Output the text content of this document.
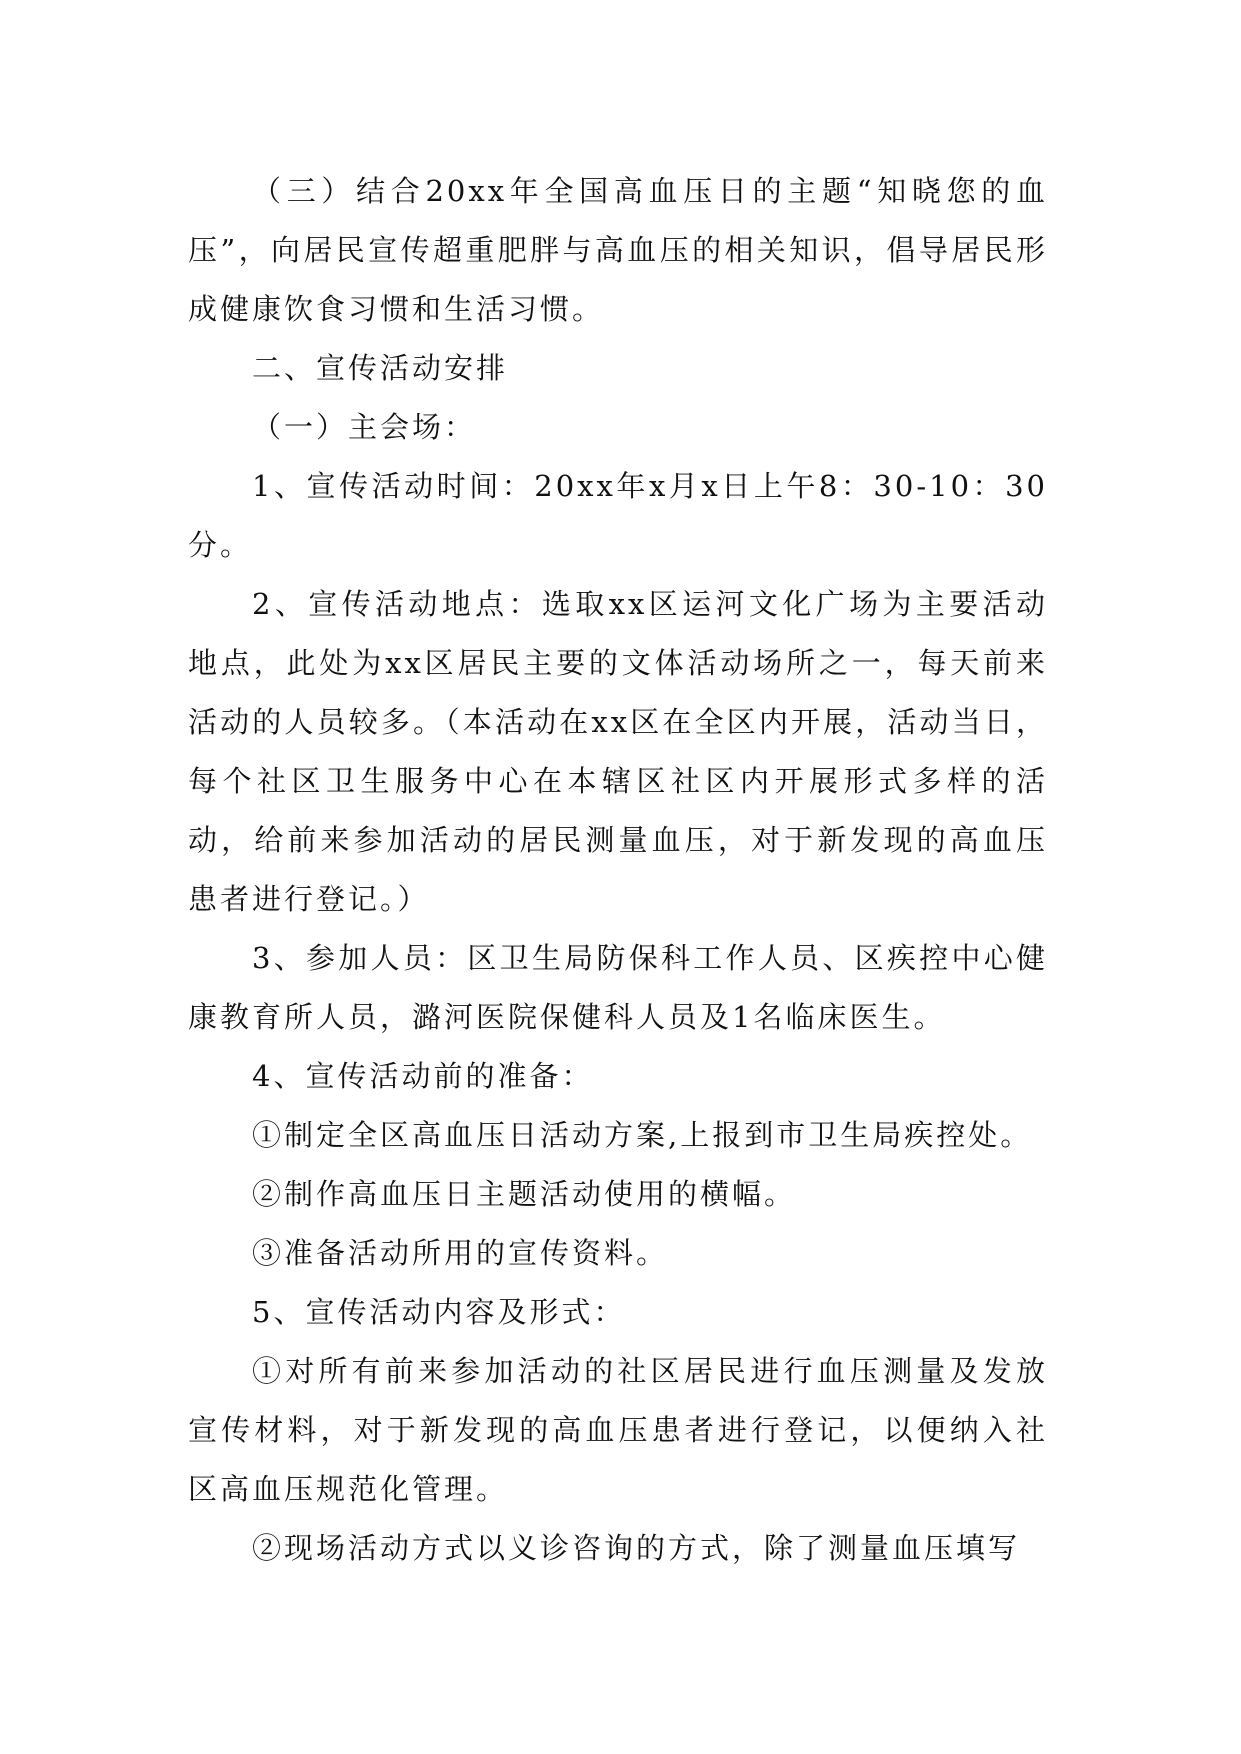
（三）结合20xx年全国高血压日的主题“知晓您的血压”，向居民宣传超重肥胖与高血压的相关知识，倡导居民形成健康饮食习惯和生活习惯。

二、宣传活动安排

（一）主会场：

1、宣传活动时间：20xx年x月x日上午8：30-10：30分。

2、宣传活动地点：选取xx区运河文化广场为主要活动地点，此处为xx区居民主要的文体活动场所之一，每天前来活动的人员较多。（本活动在xx区在全区内开展，活动当日，每个社区卫生服务中心在本辖区社区内开展形式多样的活动，给前来参加活动的居民测量血压，对于新发现的高血压患者进行登记。）

3、参加人员：区卫生局防保科工作人员、区疾控中心健康教育所人员，潞河医院保健科人员及1名临床医生。

4、宣传活动前的准备：

①制定全区高血压日活动方案,上报到市卫生局疾控处。

②制作高血压日主题活动使用的横幅。

③准备活动所用的宣传资料。

5、宣传活动内容及形式：

①对所有前来参加活动的社区居民进行血压测量及发放宣传材料，对于新发现的高血压患者进行登记，以便纳入社区高血压规范化管理。

②现场活动方式以义诊咨询的方式，除了测量血压填写
